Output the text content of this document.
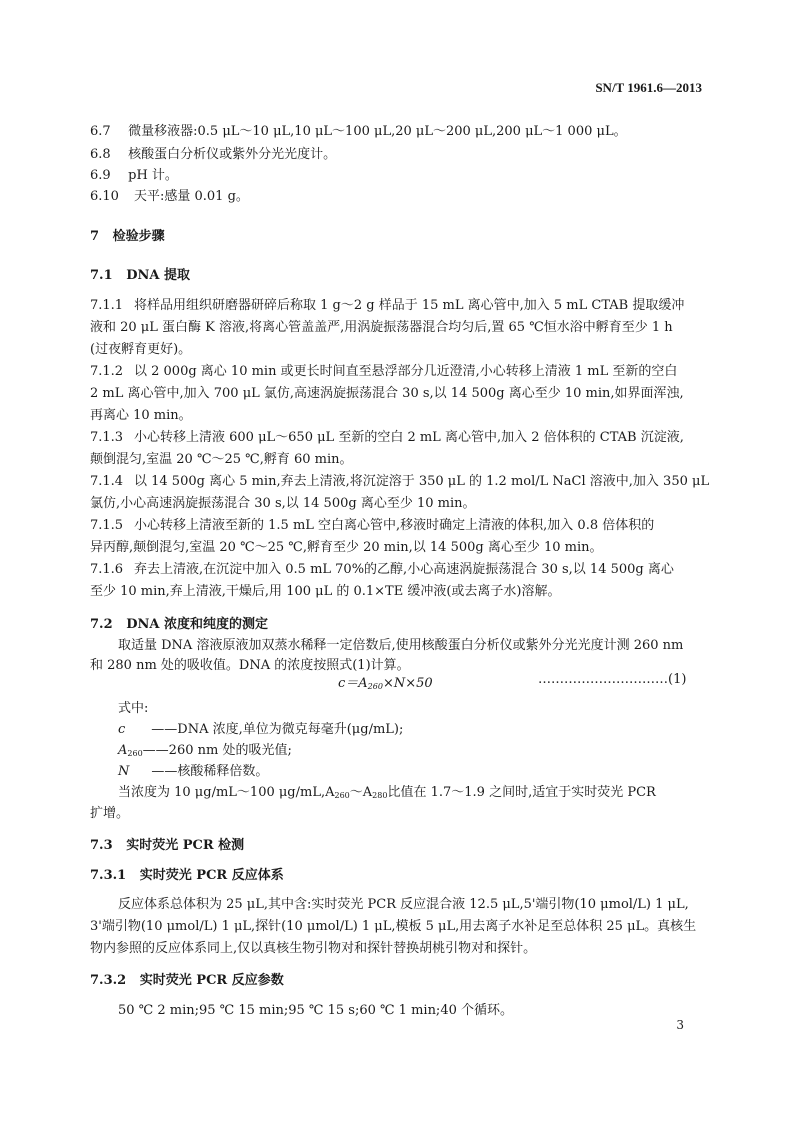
SN/T 1961.6—2013
6.7 微量移液器:0.5 μL～10 μL,10 μL～100 μL,20 μL～200 μL,200 μL～1 000 μL。
6.8 核酸蛋白分析仪或紫外分光光度计。
6.9 pH 计。
6.10 天平:感量 0.01 g。
7 检验步骤
7.1 DNA 提取
7.1.1 将样品用组织研磨器研碎后称取 1 g～2 g 样品于 15 mL 离心管中,加入 5 mL CTAB 提取缓冲
液和 20 μL 蛋白酶 K 溶液,将离心管盖盖严,用涡旋振荡器混合均匀后,置 65 ℃恒水浴中孵育至少 1 h
(过夜孵育更好)。
7.1.2 以 2 000g 离心 10 min 或更长时间直至悬浮部分几近澄清,小心转移上清液 1 mL 至新的空白
2 mL 离心管中,加入 700 μL 氯仿,高速涡旋振荡混合 30 s,以 14 500g 离心至少 10 min,如界面浑浊,
再离心 10 min。
7.1.3 小心转移上清液 600 μL～650 μL 至新的空白 2 mL 离心管中,加入 2 倍体积的 CTAB 沉淀液,
颠倒混匀,室温 20 ℃～25 ℃,孵育 60 min。
7.1.4 以 14 500g 离心 5 min,弃去上清液,将沉淀溶于 350 μL 的 1.2 mol/L NaCl 溶液中,加入 350 μL
氯仿,小心高速涡旋振荡混合 30 s,以 14 500g 离心至少 10 min。
7.1.5 小心转移上清液至新的 1.5 mL 空白离心管中,移液时确定上清液的体积,加入 0.8 倍体积的
异丙醇,颠倒混匀,室温 20 ℃～25 ℃,孵育至少 20 min,以 14 500g 离心至少 10 min。
7.1.6 弃去上清液,在沉淀中加入 0.5 mL 70%的乙醇,小心高速涡旋振荡混合 30 s,以 14 500g 离心
至少 10 min,弃上清液,干燥后,用 100 μL 的 0.1×TE 缓冲液(或去离子水)溶解。
7.2 DNA 浓度和纯度的测定
取适量 DNA 溶液原液加双蒸水稀释一定倍数后,使用核酸蛋白分析仪或紫外分光光度计测 260 nm
和 280 nm 处的吸收值。DNA 的浓度按照式(1)计算。
$c=A_{260}\times N\times 50$	…………………………(1)
式中:
c ——DNA 浓度,单位为微克每毫升(μg/mL);
$A_{260}——260$ nm 处的吸光值;
N ——核酸稀释倍数。
当浓度为 10 μg/mL～100 $\mu g/mL,A_{260}\sim A_{280}$比值在 1.7～1.9 之间时,适宜于实时荧光 PCR
扩增。
7.3 实时荧光 PCR 检测
7.3.1 实时荧光 PCR 反应体系
反应体系总体积为 25 μL,其中含:实时荧光 PCR 反应混合液 12.5 μL,5'端引物(10 μmol/L) 1 μL,
3'端引物(10 μmol/L) 1 μL,探针(10 μmol/L) 1 μL,模板 5 μL,用去离子水补足至总体积 25 μL。真核生
物内参照的反应体系同上,仅以真核生物引物对和探针替换胡桃引物对和探针。
7.3.2 实时荧光 PCR 反应参数
50 ℃ 2 min;95 ℃ 15 min;95 ℃ 15 s;60 ℃ 1 min;40 个循环。
3
